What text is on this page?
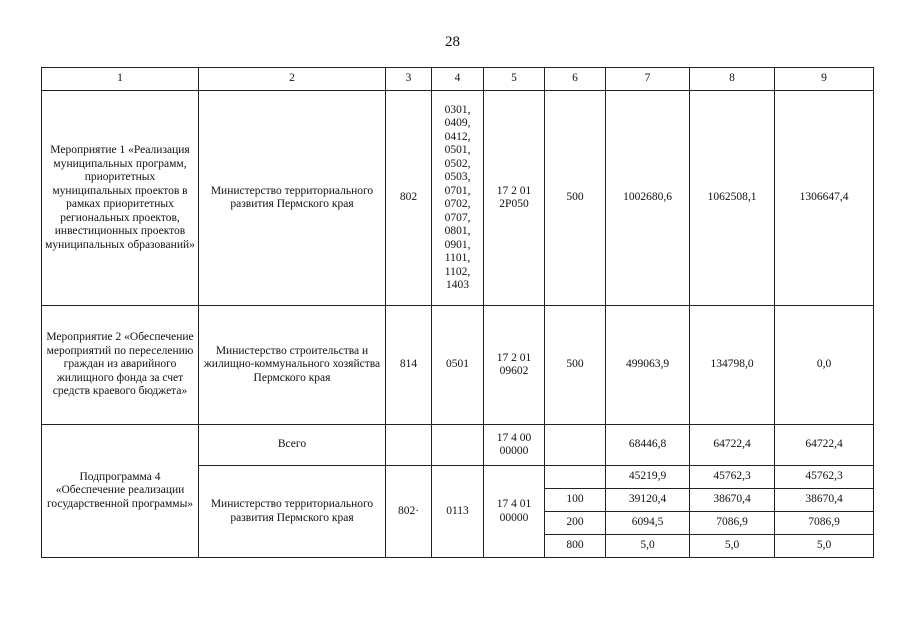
28
1	2	3	4	5	6	7	8	9
Мероприятие 1 «Реализация муниципальных программ, приоритетных муниципальных проектов в рамках приоритетных региональных проектов, инвестиционных проектов муниципальных образований»	Министерство территориального развития Пермского края	802	0301, 0409, 0412, 0501, 0502, 0503, 0701, 0702, 0707, 0801, 0901, 1101, 1102, 1403	17 2 01 2P050	500	1002680,6	1062508,1	1306647,4
Мероприятие 2 «Обеспечение мероприятий по переселению граждан из аварийного жилищного фонда за счет средств краевого бюджета»	Министерство строительства и жилищно-коммунального хозяйства Пермского края	814	0501	17 2 01 09602	500	499063,9	134798,0	0,0
Подпрограмма 4 «Обеспечение реализации государственной программы»	Всего			17 4 00 00000		68446,8	64722,4	64722,4
	Министерство территориального развития Пермского края	802·	0113	17 4 01 00000		45219,9	45762,3	45762,3
					100	39120,4	38670,4	38670,4
					200	6094,5	7086,9	7086,9
					800	5,0	5,0	5,0
